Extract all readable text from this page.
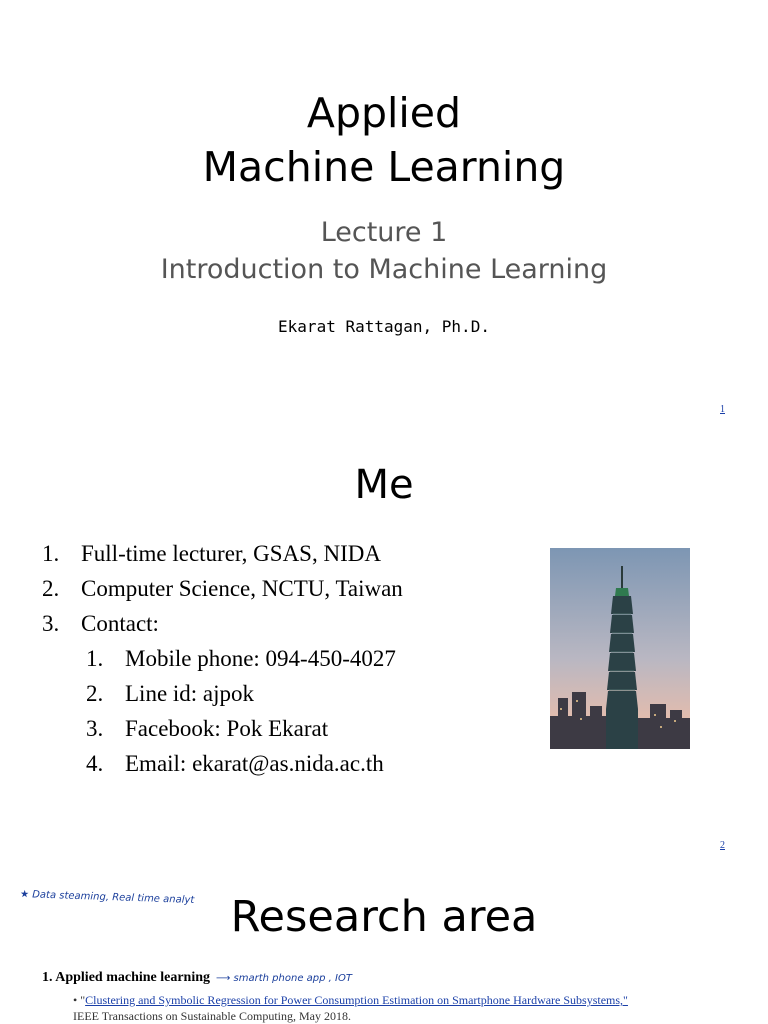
Applied
Machine Learning
Lecture 1
Introduction to Machine Learning
Ekarat Rattagan, Ph.D.
1
Me
1. Full-time lecturer, GSAS, NIDA
2. Computer Science, NCTU, Taiwan
3. Contact:
1. Mobile phone: 094-450-4027
2. Line id: ajpok
3. Facebook: Pok Ekarat
4. Email: ekarat@as.nida.ac.th
2
★ Data steaming, Real time analyt Research area
1. Applied machine learning ⟶ smarth phone app , IOT
• "Clustering and Symbolic Regression for Power Consumption Estimation on Smartphone Hardware Subsystems," IEEE Transactions on Sustainable Computing, May 2018.
